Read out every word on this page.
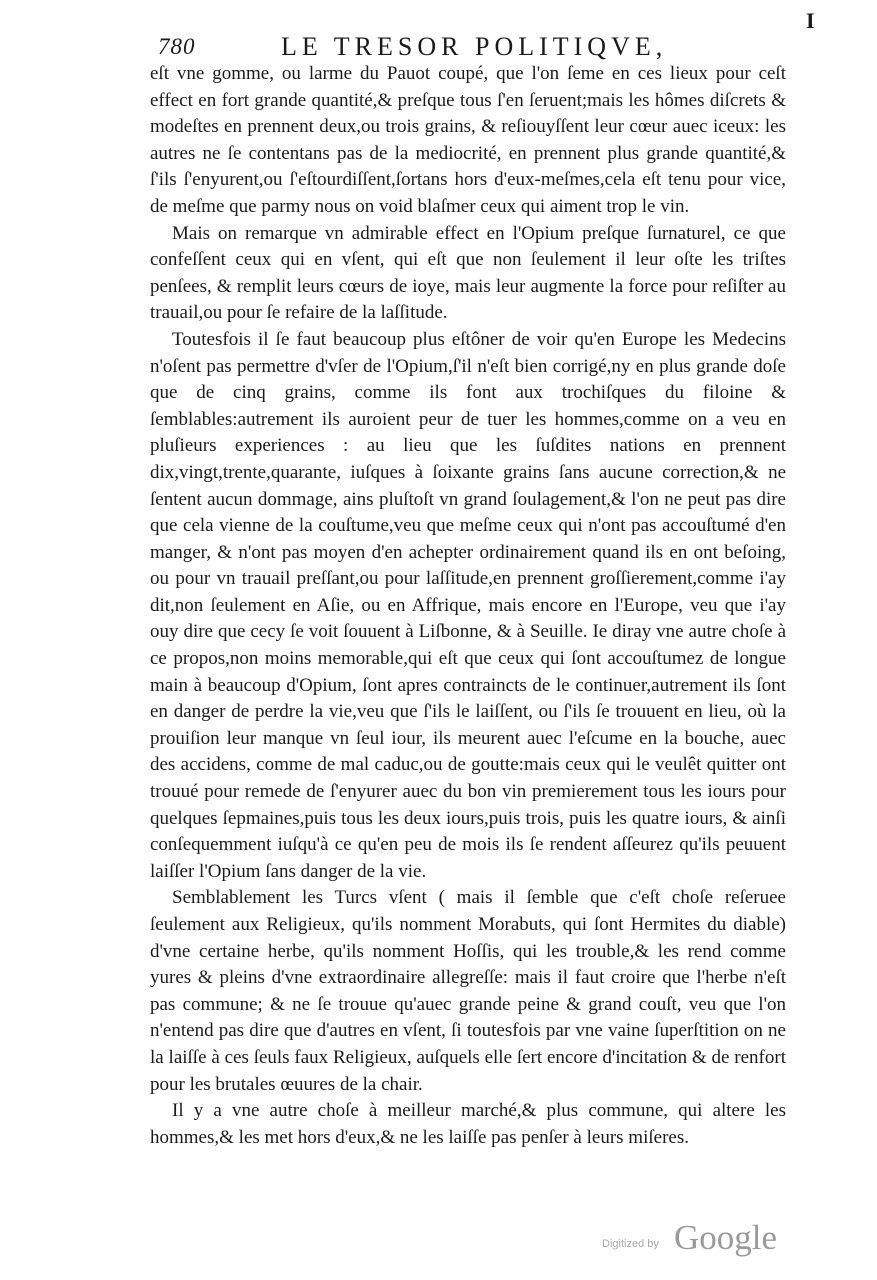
780	LE TRESOR POLITIQVE,
I

eſt vne gomme, ou larme du Pauot coupé, que l'on ſeme en ces lieux pour ceſt effect en fort grande quantité,& preſque tous ſ'en ſeruent;mais les hômes diſcrets & modeſtes en prennent deux,ou trois grains, & reſiouyſſent leur cœur auec iceux: les autres ne ſe contentans pas de la mediocrité, en prennent plus grande quantité,& ſ'ils ſ'enyurent,ou ſ'eſtourdiſſent,ſortans hors d'eux-meſmes,cela eſt tenu pour vice, de meſme que parmy nous on void blaſmer ceux qui aiment trop le vin.

Mais on remarque vn admirable effect en l'Opium preſque ſurnaturel, ce que confeſſent ceux qui en vſent, qui eſt que non ſeulement il leur oſte les triſtes penſees, & remplit leurs cœurs de ioye, mais leur augmente la force pour reſiſter au trauail,ou pour ſe refaire de la laſſitude.

Toutesfois il ſe faut beaucoup plus eſtôner de voir qu'en Europe les Medecins n'oſent pas permettre d'vſer de l'Opium,ſ'il n'eſt bien corrigé,ny en plus grande doſe que de cinq grains, comme ils font aux trochiſques du filoine & ſemblables:autrement ils auroient peur de tuer les hommes,comme on a veu en pluſieurs experiences : au lieu que les ſuſdites nations en prennent dix,vingt,trente,quarante, iuſques à ſoixante grains ſans aucune correction,& ne ſentent aucun dommage, ains pluſtoſt vn grand ſoulagement,& l'on ne peut pas dire que cela vienne de la couſtume,veu que meſme ceux qui n'ont pas accouſtumé d'en manger, & n'ont pas moyen d'en achepter ordinairement quand ils en ont beſoing, ou pour vn trauail preſſant,ou pour laſſitude,en prennent groſſierement,comme i'ay dit,non ſeulement en Aſie, ou en Affrique, mais encore en l'Europe, veu que i'ay ouy dire que cecy ſe voit ſouuent à Liſbonne, & à Seuille. Ie diray vne autre choſe à ce propos,non moins memorable,qui eſt que ceux qui ſont accouſtumez de longue main à beaucoup d'Opium, ſont apres contraincts de le continuer,autrement ils ſont en danger de perdre la vie,veu que ſ'ils le laiſſent, ou ſ'ils ſe trouuent en lieu, où la prouiſion leur manque vn ſeul iour, ils meurent auec l'eſcume en la bouche, auec des accidens, comme de mal caduc,ou de goutte:mais ceux qui le veulêt quitter ont trouué pour remede de ſ'enyurer auec du bon vin premierement tous les iours pour quelques ſepmaines,puis tous les deux iours,puis trois, puis les quatre iours, & ainſi conſequemment iuſqu'à ce qu'en peu de mois ils ſe rendent aſſeurez qu'ils peuuent laiſſer l'Opium ſans danger de la vie.

Semblablement les Turcs vſent ( mais il ſemble que c'eſt choſe reſeruee ſeulement aux Religieux, qu'ils nomment Morabuts, qui ſont Hermites du diable) d'vne certaine herbe, qu'ils nomment Hoſſis, qui les trouble,& les rend comme yures & pleins d'vne extraordinaire allegreſſe: mais il faut croire que l'herbe n'eſt pas commune; & ne ſe trouue qu'auec grande peine & grand couſt, veu que l'on n'entend pas dire que d'autres en vſent, ſi toutesfois par vne vaine ſuperſtition on ne la laiſſe à ces ſeuls faux Religieux, auſquels elle ſert encore d'incitation & de renfort pour les brutales œuures de la chair.

Il y a vne autre choſe à meilleur marché,& plus commune, qui altere les hommes,& les met hors d'eux,& ne les laiſſe pas penſer à leurs miſeres.

Digitized by Google
